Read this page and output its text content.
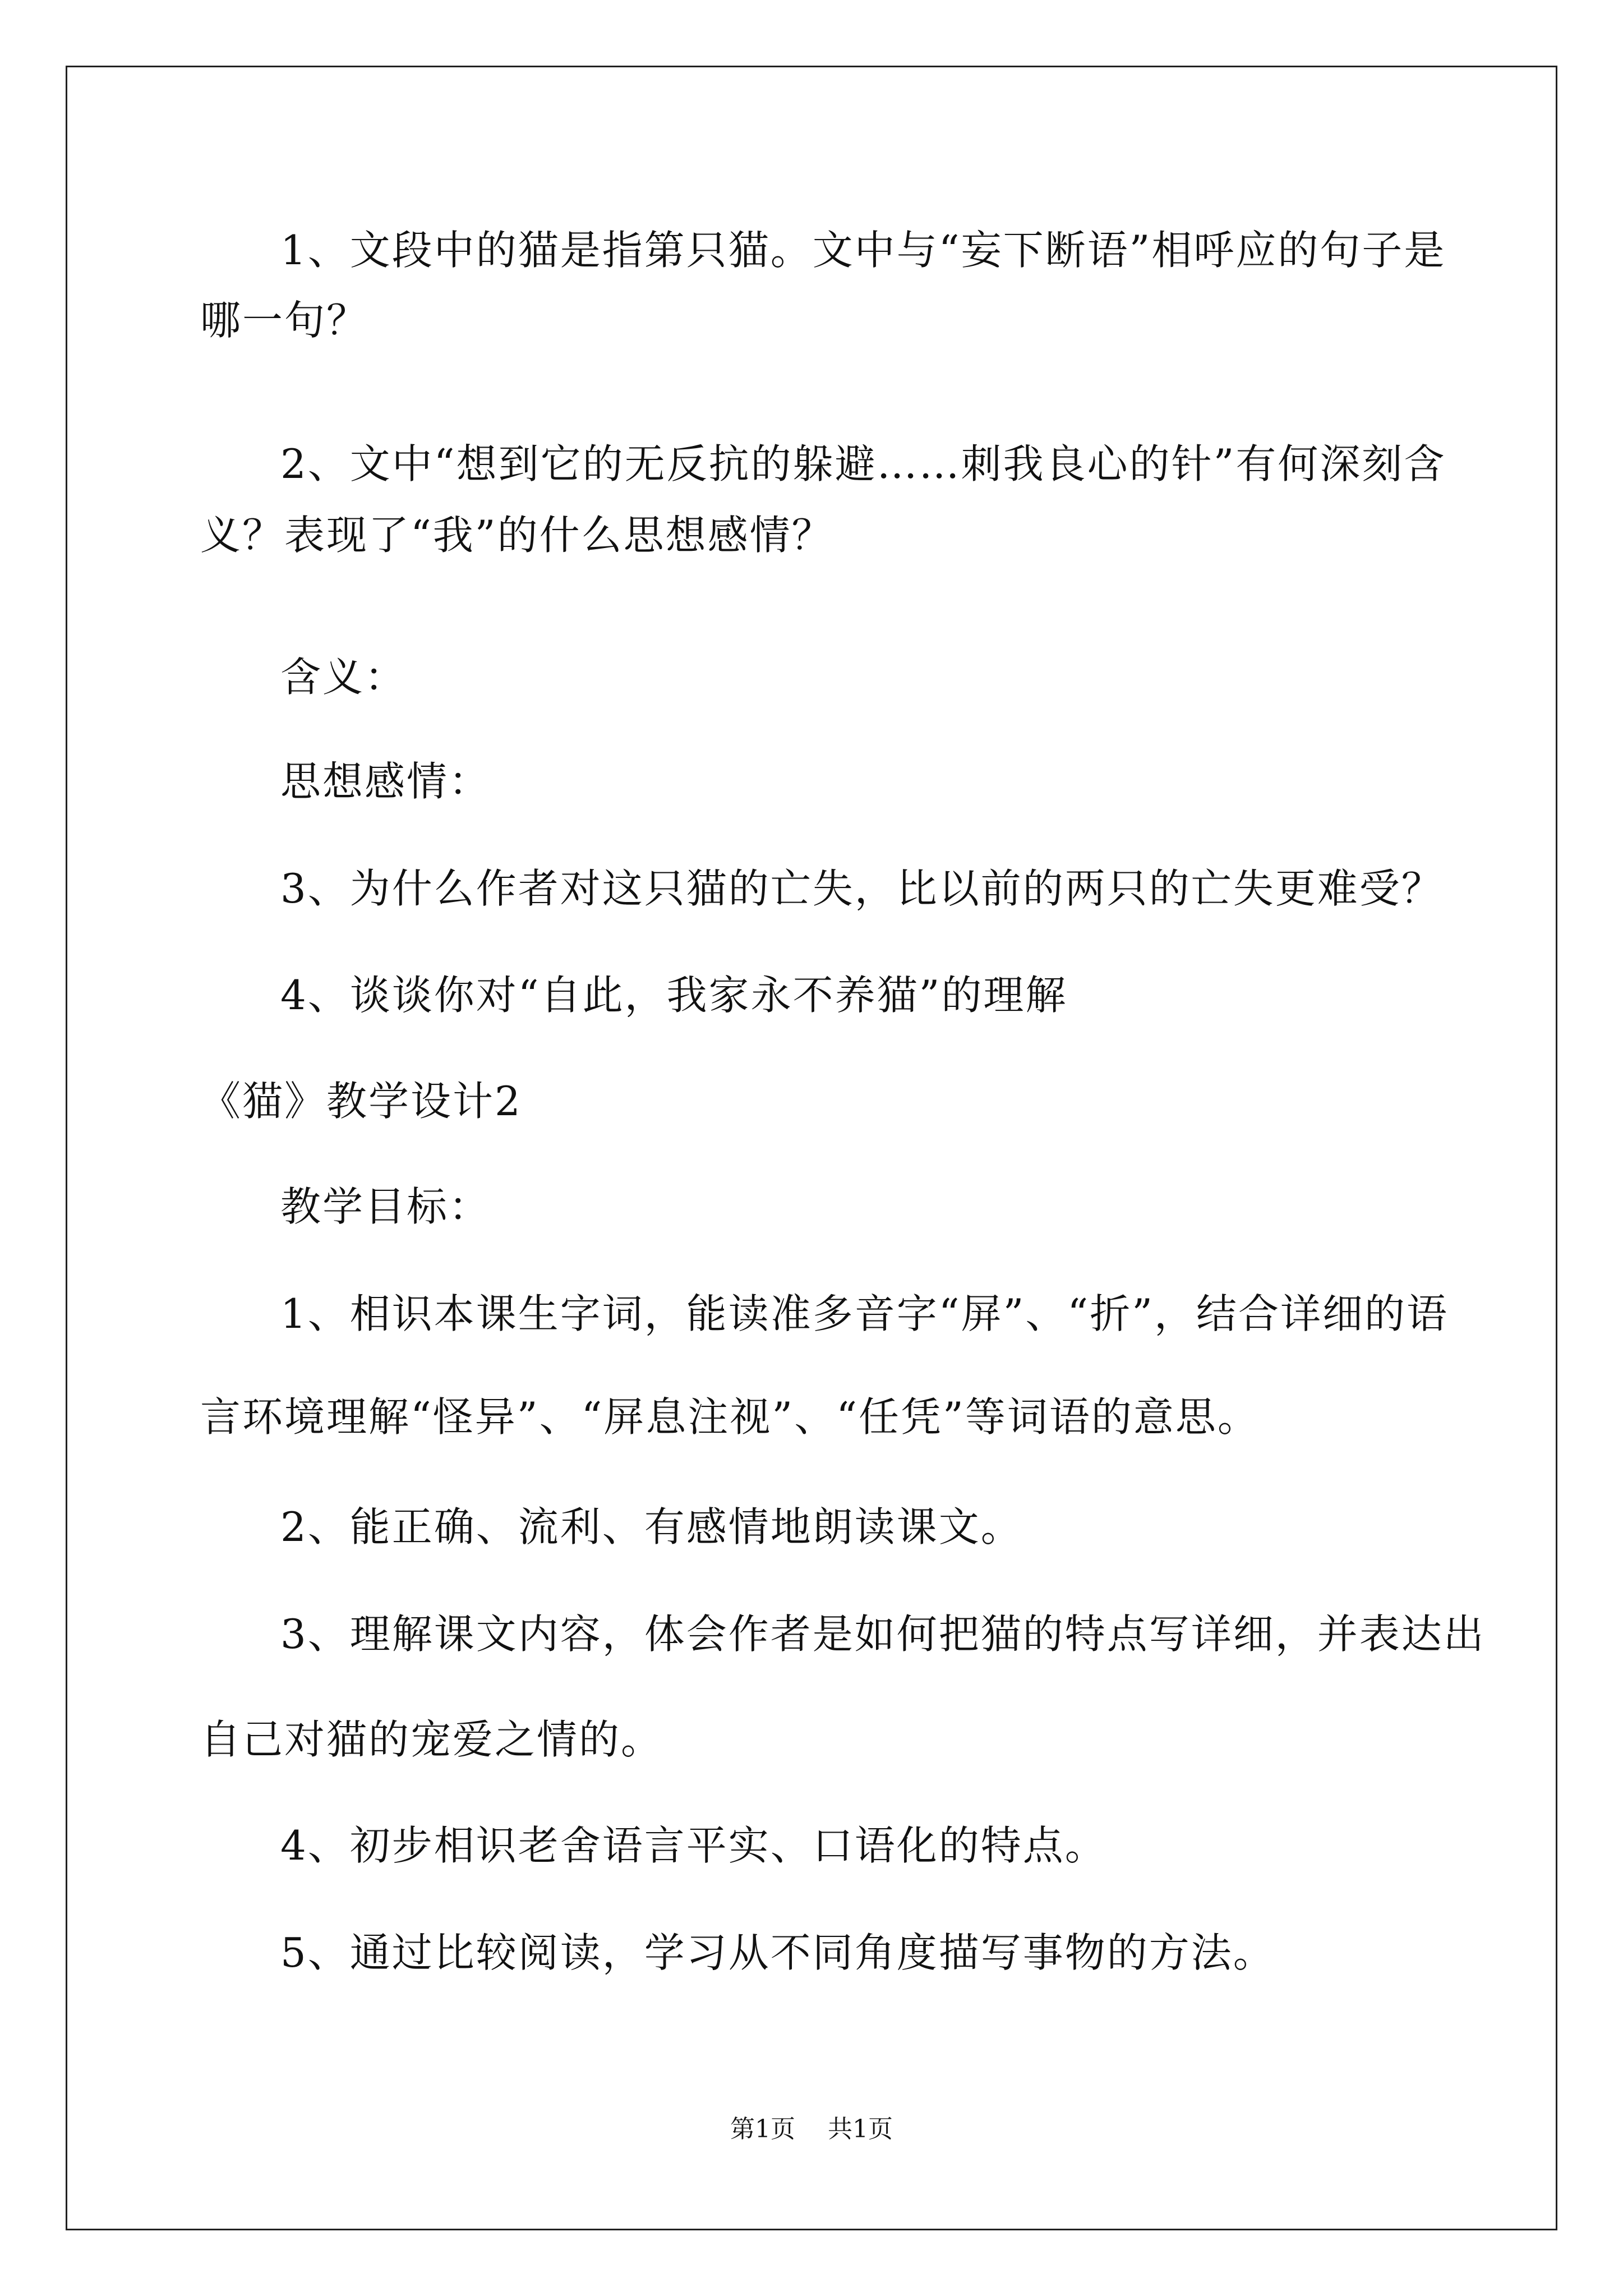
1、文段中的猫是指第只猫。文中与“妄下断语”相呼应的句子是
哪一句？
2、文中“想到它的无反抗的躲避……刺我良心的针”有何深刻含
义？表现了“我”的什么思想感情？
含义：
思想感情：
3、为什么作者对这只猫的亡失，比以前的两只的亡失更难受？
4、谈谈你对“自此，我家永不养猫”的理解
《猫》教学设计2
教学目标：
1、相识本课生字词，能读准多音字“屏”、“折”，结合详细的语
言环境理解“怪异”、“屏息注视”、“任凭”等词语的意思。
2、能正确、流利、有感情地朗读课文。
3、理解课文内容，体会作者是如何把猫的特点写详细，并表达出
自己对猫的宠爱之情的。
4、初步相识老舍语言平实、口语化的特点。
5、通过比较阅读，学习从不同角度描写事物的方法。
第1页 共1页
